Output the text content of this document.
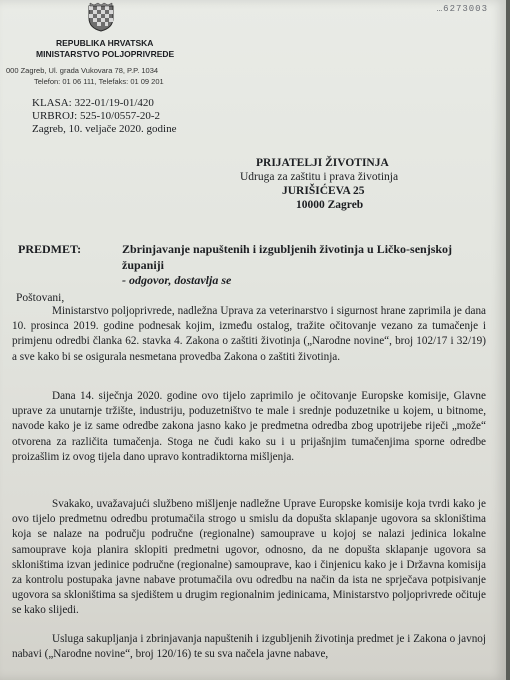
…6273003
REPUBLIKA HRVATSKA
MINISTARSTVO POLJOPRIVREDE
000 Zagreb, Ul. grada Vukovara 78, P.P. 1034
Telefon: 01 06 111, Telefaks: 01 09 201
KLASA: 322-01/19-01/420
URBROJ: 525-10/0557-20-2
Zagreb, 10. veljače 2020. godine
PRIJATELJI ŽIVOTINJA
Udruga za zaštitu i prava životinja
JURIŠIĆEVA 25
10000 Zagreb
PREDMET:	Zbrinjavanje napuštenih i izgubljenih životinja u Ličko-senjskoj
županiji
- odgovor, dostavlja se
Poštovani,

Ministarstvo poljoprivrede, nadležna Uprava za veterinarstvo i sigurnost hrane zaprimila je dana 10. prosinca 2019. godine podnesak kojim, između ostalog, tražite očitovanje vezano za tumačenje i primjenu odredbi članka 62. stavka 4. Zakona o zaštiti životinja („Narodne novine“, broj 102/17 i 32/19) a sve kako bi se osigurala nesmetana provedba Zakona o zaštiti životinja.

Dana 14. siječnja 2020. godine ovo tijelo zaprimilo je očitovanje Europske komisije, Glavne uprave za unutarnje tržište, industriju, poduzetništvo te male i srednje poduzetnike u kojem, u bitnome, navode kako je iz same odredbe zakona jasno kako je predmetna odredba zbog upotrijebe riječi „može“ otvorena za različita tumačenja. Stoga ne čudi kako su i u prijašnjim tumačenjima sporne odredbe proizašlim iz ovog tijela dano upravo kontradiktorna mišljenja.

Svakako, uvažavajući službeno mišljenje nadležne Uprave Europske komisije koja tvrdi kako je ovo tijelo predmetnu odredbu protumačila strogo u smislu da dopušta sklapanje ugovora sa skloništima koja se nalaze na području područne (regionalne) samouprave u kojoj se nalazi jedinica lokalne samouprave koja planira sklopiti predmetni ugovor, odnosno, da ne dopušta sklapanje ugovora sa skloništima izvan jedinice područne (regionalne) samouprave, kao i činjenicu kako je i Državna komisija za kontrolu postupaka javne nabave protumačila ovu odredbu na način da ista ne sprječava potpisivanje ugovora sa skloništima sa sjedištem u drugim regionalnim jedinicama, Ministarstvo poljoprivrede očituje se kako slijedi.

Usluga sakupljanja i zbrinjavanja napuštenih i izgubljenih životinja predmet je i Zakona o javnoj nabavi („Narodne novine“, broj 120/16) te su sva načela javne nabave,
